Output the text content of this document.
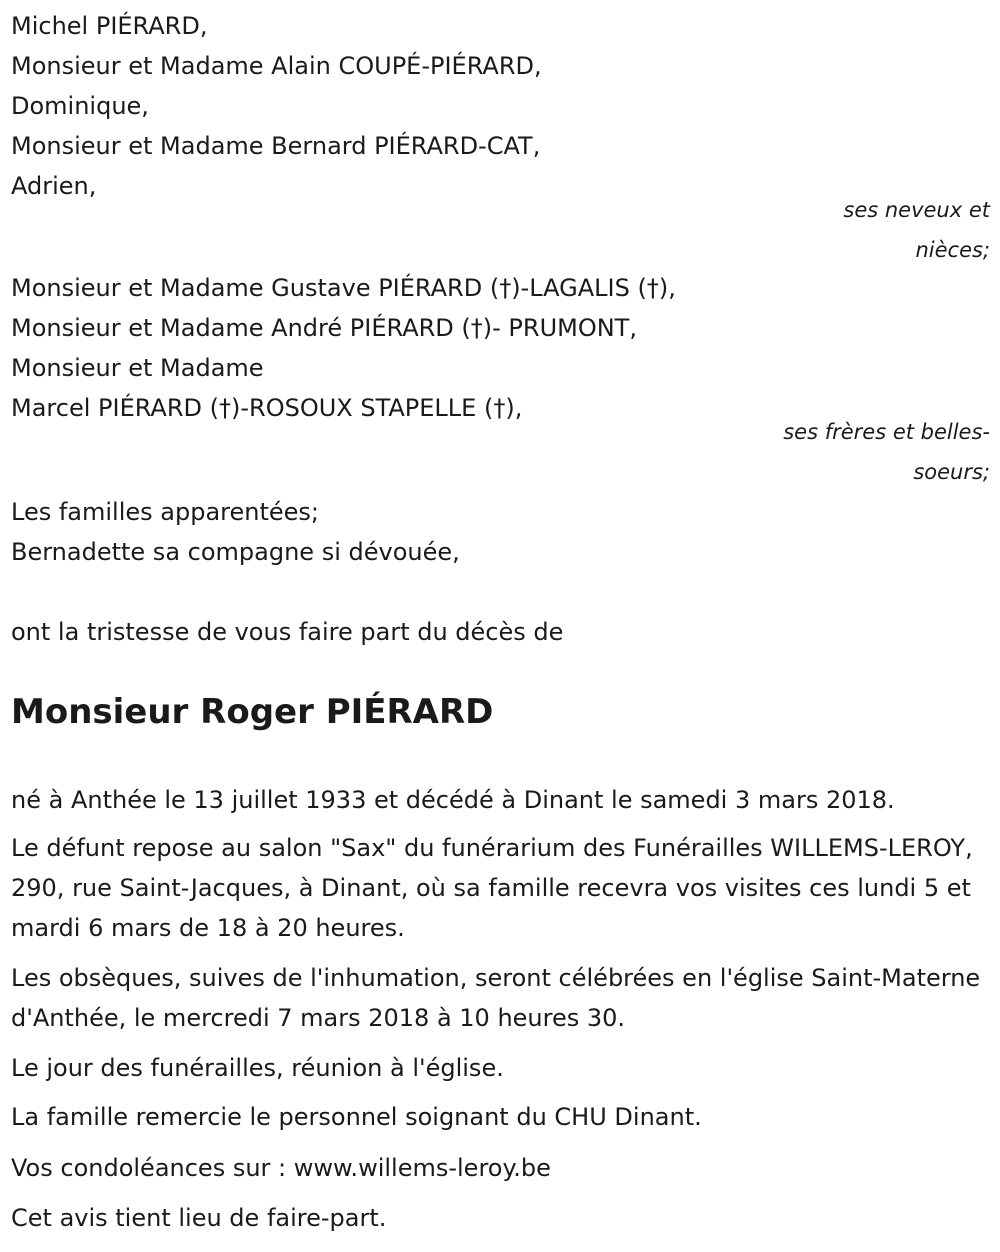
Michel PIÉRARD,
Monsieur et Madame Alain COUPÉ-PIÉRARD,
Dominique,
Monsieur et Madame Bernard PIÉRARD-CAT,
Adrien,
ses neveux et
nièces;
Monsieur et Madame Gustave PIÉRARD (†)-LAGALIS (†),
Monsieur et Madame André PIÉRARD (†)- PRUMONT,
Monsieur et Madame
Marcel PIÉRARD (†)-ROSOUX STAPELLE (†),
ses frères et belles-
soeurs;
Les familles apparentées;
Bernadette sa compagne si dévouée,
ont la tristesse de vous faire part du décès de
Monsieur Roger PIÉRARD
né à Anthée le 13 juillet 1933 et décédé à Dinant le samedi 3 mars 2018.
Le défunt repose au salon "Sax" du funérarium des Funérailles WILLEMS-LEROY, 290, rue Saint-Jacques, à Dinant, où sa famille recevra vos visites ces lundi 5 et mardi 6 mars de 18 à 20 heures.
Les obsèques, suives de l'inhumation, seront célébrées en l'église Saint-Materne d'Anthée, le mercredi 7 mars 2018 à 10 heures 30.
Le jour des funérailles, réunion à l'église.
La famille remercie le personnel soignant du CHU Dinant.
Vos condoléances sur : www.willems-leroy.be
Cet avis tient lieu de faire-part.
